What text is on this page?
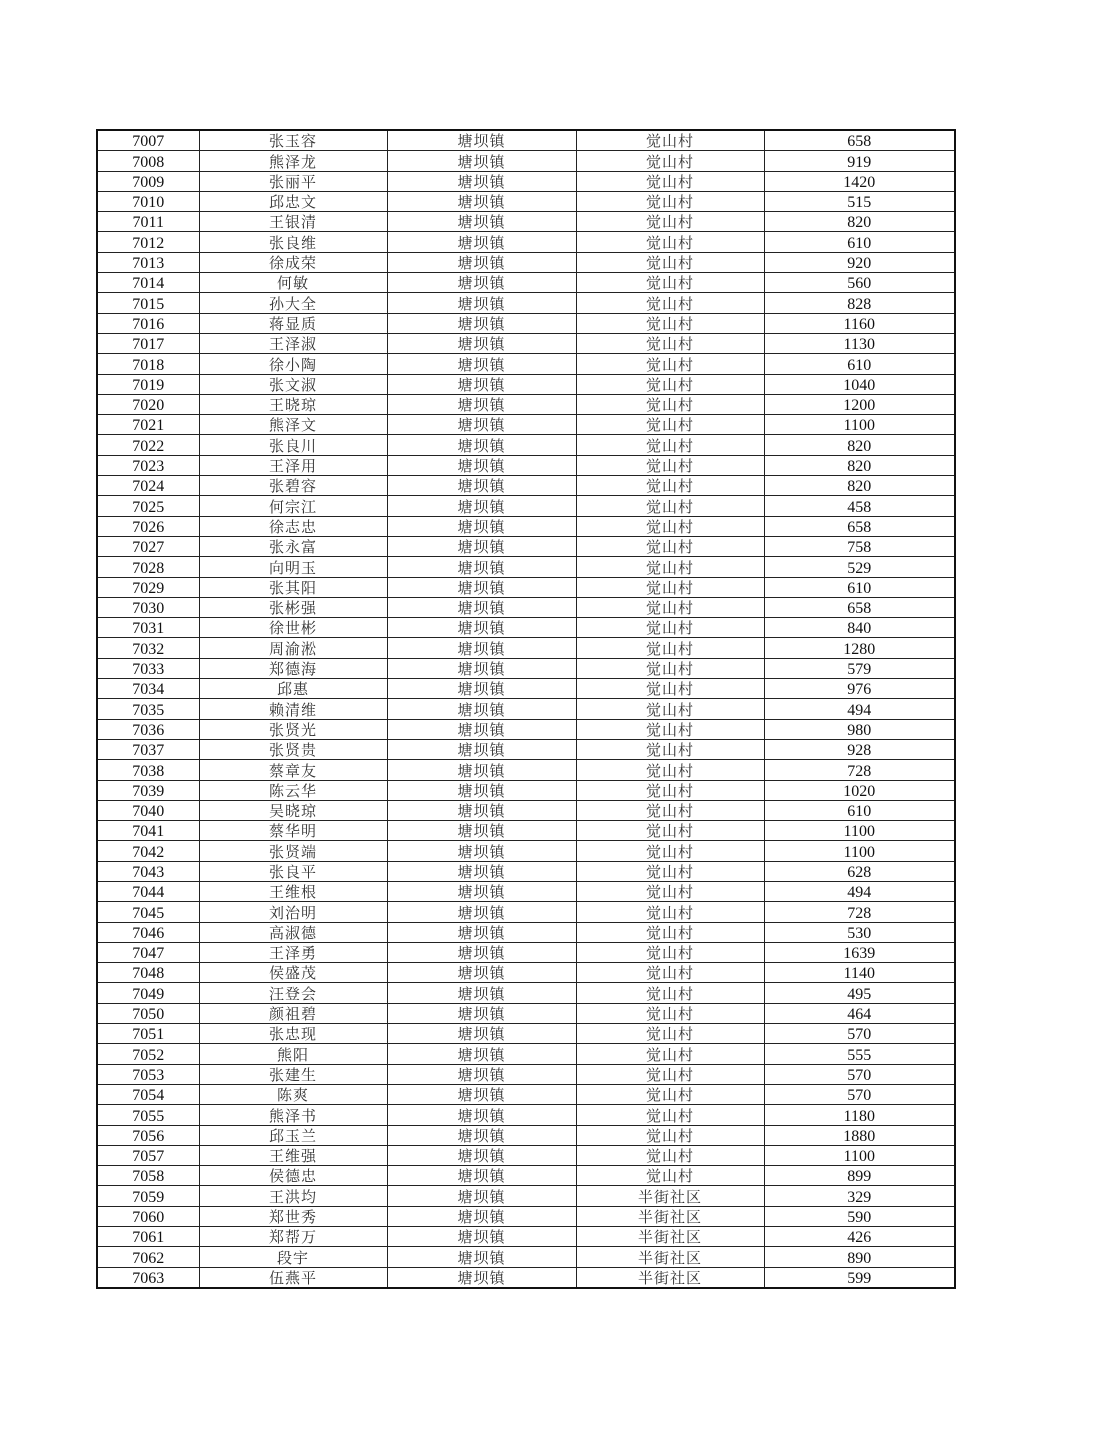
7007	张玉容	塘坝镇	觉山村	658
7008	熊泽龙	塘坝镇	觉山村	919
7009	张丽平	塘坝镇	觉山村	1420
7010	邱忠文	塘坝镇	觉山村	515
7011	王银清	塘坝镇	觉山村	820
7012	张良维	塘坝镇	觉山村	610
7013	徐成荣	塘坝镇	觉山村	920
7014	何敏	塘坝镇	觉山村	560
7015	孙大全	塘坝镇	觉山村	828
7016	蒋显质	塘坝镇	觉山村	1160
7017	王泽淑	塘坝镇	觉山村	1130
7018	徐小陶	塘坝镇	觉山村	610
7019	张文淑	塘坝镇	觉山村	1040
7020	王晓琼	塘坝镇	觉山村	1200
7021	熊泽文	塘坝镇	觉山村	1100
7022	张良川	塘坝镇	觉山村	820
7023	王泽用	塘坝镇	觉山村	820
7024	张碧容	塘坝镇	觉山村	820
7025	何宗江	塘坝镇	觉山村	458
7026	徐志忠	塘坝镇	觉山村	658
7027	张永富	塘坝镇	觉山村	758
7028	向明玉	塘坝镇	觉山村	529
7029	张其阳	塘坝镇	觉山村	610
7030	张彬强	塘坝镇	觉山村	658
7031	徐世彬	塘坝镇	觉山村	840
7032	周渝淞	塘坝镇	觉山村	1280
7033	郑德海	塘坝镇	觉山村	579
7034	邱惠	塘坝镇	觉山村	976
7035	赖清维	塘坝镇	觉山村	494
7036	张贤光	塘坝镇	觉山村	980
7037	张贤贵	塘坝镇	觉山村	928
7038	蔡章友	塘坝镇	觉山村	728
7039	陈云华	塘坝镇	觉山村	1020
7040	吴晓琼	塘坝镇	觉山村	610
7041	蔡华明	塘坝镇	觉山村	1100
7042	张贤端	塘坝镇	觉山村	1100
7043	张良平	塘坝镇	觉山村	628
7044	王维根	塘坝镇	觉山村	494
7045	刘治明	塘坝镇	觉山村	728
7046	高淑德	塘坝镇	觉山村	530
7047	王泽勇	塘坝镇	觉山村	1639
7048	侯盛茂	塘坝镇	觉山村	1140
7049	汪登会	塘坝镇	觉山村	495
7050	颜祖碧	塘坝镇	觉山村	464
7051	张忠现	塘坝镇	觉山村	570
7052	熊阳	塘坝镇	觉山村	555
7053	张建生	塘坝镇	觉山村	570
7054	陈爽	塘坝镇	觉山村	570
7055	熊泽书	塘坝镇	觉山村	1180
7056	邱玉兰	塘坝镇	觉山村	1880
7057	王维强	塘坝镇	觉山村	1100
7058	侯德忠	塘坝镇	觉山村	899
7059	王洪均	塘坝镇	半街社区	329
7060	郑世秀	塘坝镇	半街社区	590
7061	郑帮万	塘坝镇	半街社区	426
7062	段宇	塘坝镇	半街社区	890
7063	伍燕平	塘坝镇	半街社区	599
